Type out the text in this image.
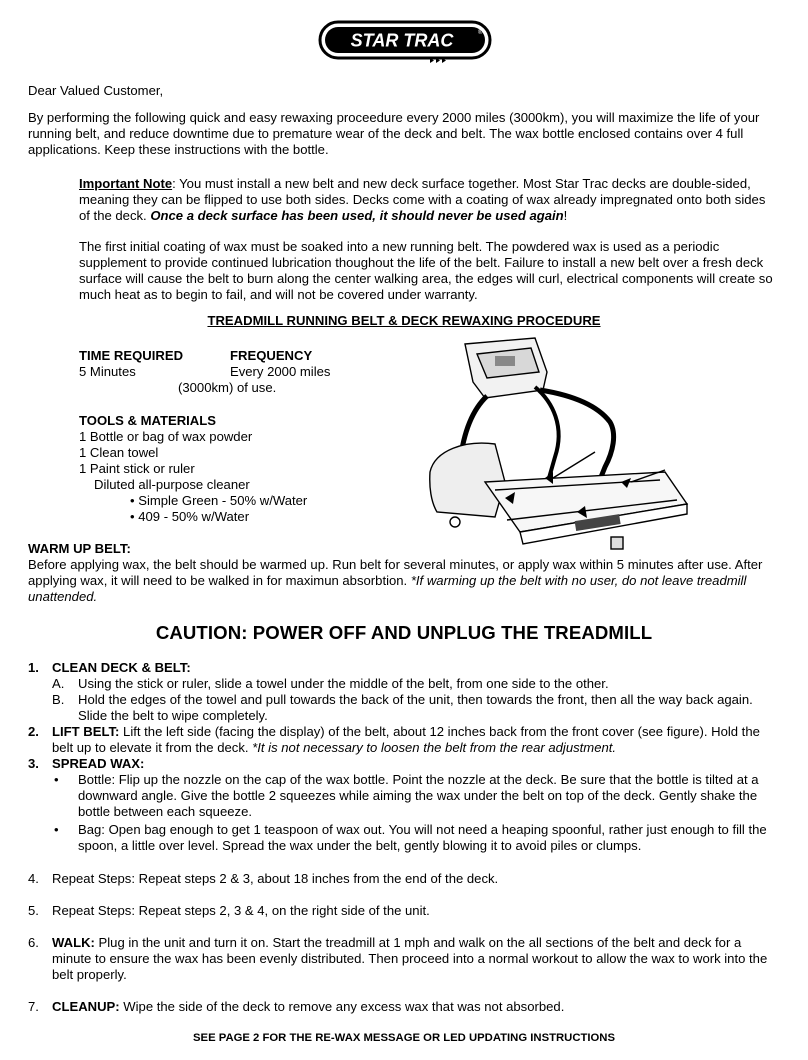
STAR TRAC	®

Dear Valued Customer,

By performing the following quick and easy rewaxing proceedure every 2000 miles (3000km), you will maximize the life of your running belt, and reduce downtime due to premature wear of the deck and belt. The wax bottle enclosed contains over 4 full applications. Keep these instructions with the bottle.

Important Note: You must install a new belt and new deck surface together. Most Star Trac decks are double-sided, meaning they can be flipped to use both sides. Decks come with a coating of wax already impregnated onto both sides of the deck. Once a deck surface has been used, it should never be used again!

The first initial coating of wax must be soaked into a new running belt. The powdered wax is used as a periodic supplement to provide continued lubrication thoughout the life of the belt. Failure to install a new belt over a fresh deck surface will cause the belt to burn along the center walking area, the edges will curl, electrical components will create so much heat as to begin to fail, and will not be covered under warranty.

TREADMILL RUNNING BELT & DECK REWAXING PROCEDURE

TIME REQUIRED	FREQUENCY

5 Minutes	Every 2000 miles

(3000km) of use.

TOOLS & MATERIALS

1 Bottle or bag of wax powder

1 Clean towel

1 Paint stick or ruler

Diluted all-purpose cleaner

• Simple Green - 50% w/Water

• 409 - 50% w/Water

WARM UP BELT:

Before applying wax, the belt should be warmed up. Run belt for several minutes, or apply wax within 5 minutes after use. After applying wax, it will need to be walked in for maximun absorbtion. *If warming up the belt with no user, do not leave treadmill unattended.

CAUTION: POWER OFF AND UNPLUG THE TREADMILL

1. CLEAN DECK & BELT:
A.	Using the stick or ruler, slide a towel under the middle of the belt, from one side to the other.
B.	Hold the edges of the towel and pull towards the back of the unit, then towards the front, then all the way back again. Slide the belt to wipe completely.
2. LIFT BELT: Lift the left side (facing the display) of the belt, about 12 inches back from the front cover (see figure). Hold the belt up to elevate it from the deck. *It is not necessary to loosen the belt from the rear adjustment.
3. SPREAD WAX:
•	Bottle: Flip up the nozzle on the cap of the wax bottle. Point the nozzle at the deck. Be sure that the bottle is tilted at a downward angle. Give the bottle 2 squeezes while aiming the wax under the belt on top of the deck. Gently shake the bottle between each squeeze.
•	Bag: Open bag enough to get 1 teaspoon of wax out. You will not need a heaping spoonful, rather just enough to fill the spoon, a little over level. Spread the wax under the belt, gently blowing it to avoid piles or clumps.
4. Repeat Steps: Repeat steps 2 & 3, about 18 inches from the end of the deck.
5. Repeat Steps: Repeat steps 2, 3 & 4, on the right side of the unit.
6. WALK: Plug in the unit and turn it on. Start the treadmill at 1 mph and walk on the all sections of the belt and deck for a minute to ensure the wax has been evenly distributed. Then proceed into a normal workout to allow the wax to work into the belt properly.
7. CLEANUP: Wipe the side of the deck to remove any excess wax that was not absorbed.

SEE PAGE 2 FOR THE RE-WAX MESSAGE OR LED UPDATING INSTRUCTIONS
